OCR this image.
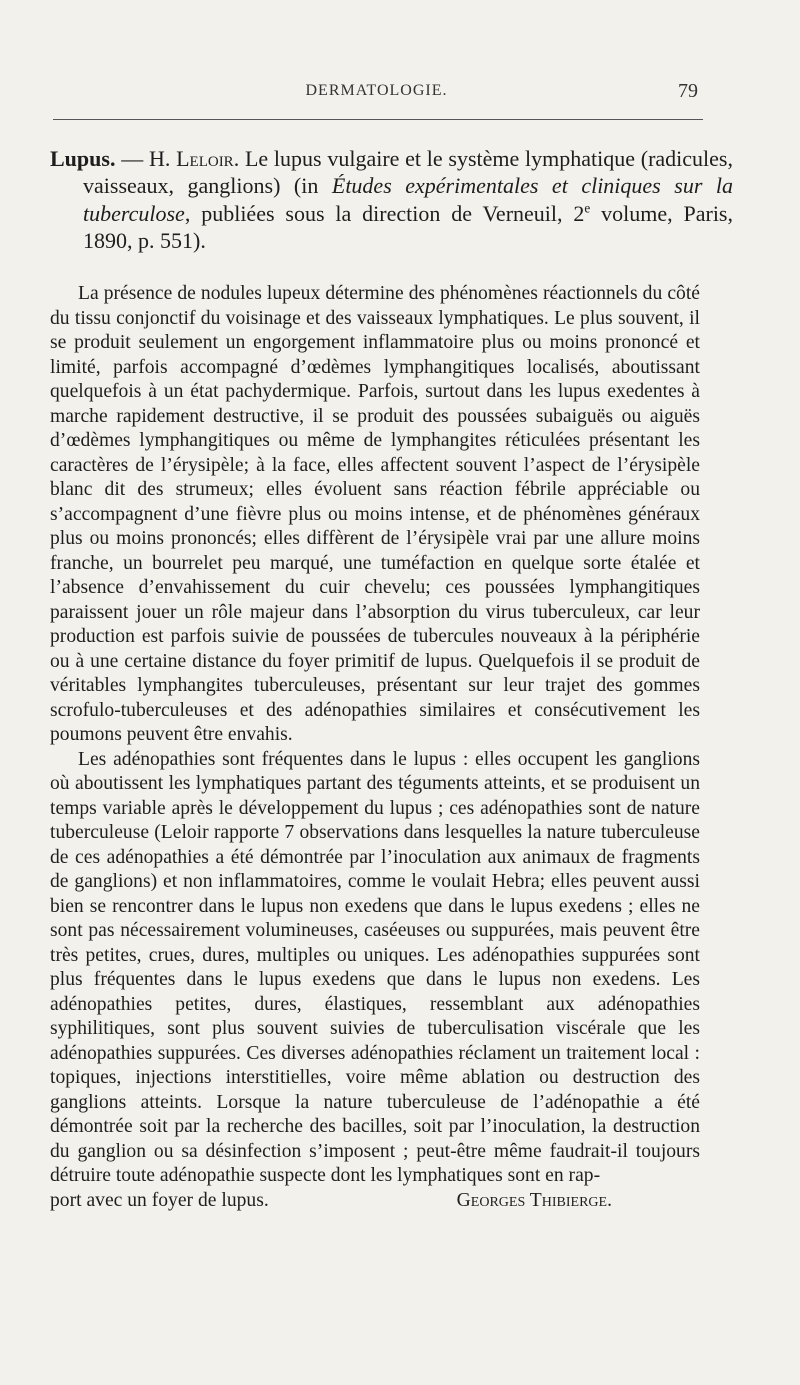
DERMATOLOGIE.	79
Lupus. — H. Leloir. Le lupus vulgaire et le système lymphatique (radicules, vaisseaux, ganglions) (in Études expérimentales et cliniques sur la tuberculose, publiées sous la direction de Verneuil, 2e volume, Paris, 1890, p. 551).

La présence de nodules lupeux détermine des phénomènes réactionnels du côté du tissu conjonctif du voisinage et des vaisseaux lymphatiques. Le plus souvent, il se produit seulement un engorgement inflammatoire plus ou moins prononcé et limité, parfois accompagné d’œdèmes lymphangitiques localisés, aboutissant quelquefois à un état pachydermique. Parfois, surtout dans les lupus exedentes à marche rapidement destructive, il se produit des poussées subaiguës ou aiguës d’œdèmes lymphangitiques ou même de lymphangites réticulées présentant les caractères de l’érysipèle; à la face, elles affectent souvent l’aspect de l’érysipèle blanc dit des strumeux; elles évoluent sans réaction fébrile appréciable ou s’accompagnent d’une fièvre plus ou moins intense, et de phénomènes généraux plus ou moins prononcés; elles diffèrent de l’érysipèle vrai par une allure moins franche, un bourrelet peu marqué, une tuméfaction en quelque sorte étalée et l’absence d’envahissement du cuir chevelu; ces poussées lymphangitiques paraissent jouer un rôle majeur dans l’absorption du virus tuberculeux, car leur production est parfois suivie de poussées de tubercules nouveaux à la périphérie ou à une certaine distance du foyer primitif de lupus. Quelquefois il se produit de véritables lymphangites tuberculeuses, présentant sur leur trajet des gommes scrofulo-tuberculeuses et des adénopathies similaires et consécutivement les poumons peuvent être envahis.

Les adénopathies sont fréquentes dans le lupus : elles occupent les ganglions où aboutissent les lymphatiques partant des téguments atteints, et se produisent un temps variable après le développement du lupus ; ces adénopathies sont de nature tuberculeuse (Leloir rapporte 7 observations dans lesquelles la nature tuberculeuse de ces adénopathies a été démontrée par l’inoculation aux animaux de fragments de ganglions) et non inflammatoires, comme le voulait Hebra; elles peuvent aussi bien se rencontrer dans le lupus non exedens que dans le lupus exedens ; elles ne sont pas nécessairement volumineuses, caséeuses ou suppurées, mais peuvent être très petites, crues, dures, multiples ou uniques. Les adénopathies suppurées sont plus fréquentes dans le lupus exedens que dans le lupus non exedens. Les adénopathies petites, dures, élastiques, ressemblant aux adénopathies syphilitiques, sont plus souvent suivies de tuberculisation viscérale que les adénopathies suppurées. Ces diverses adénopathies réclament un traitement local : topiques, injections interstitielles, voire même ablation ou destruction des ganglions atteints. Lorsque la nature tuberculeuse de l’adénopathie a été démontrée soit par la recherche des bacilles, soit par l’inoculation, la destruction du ganglion ou sa désinfection s’imposent ; peut-être même faudrait-il toujours détruire toute adénopathie suspecte dont les lymphatiques sont en rap-

port avec un foyer de lupus.	Georges Thibierge.
